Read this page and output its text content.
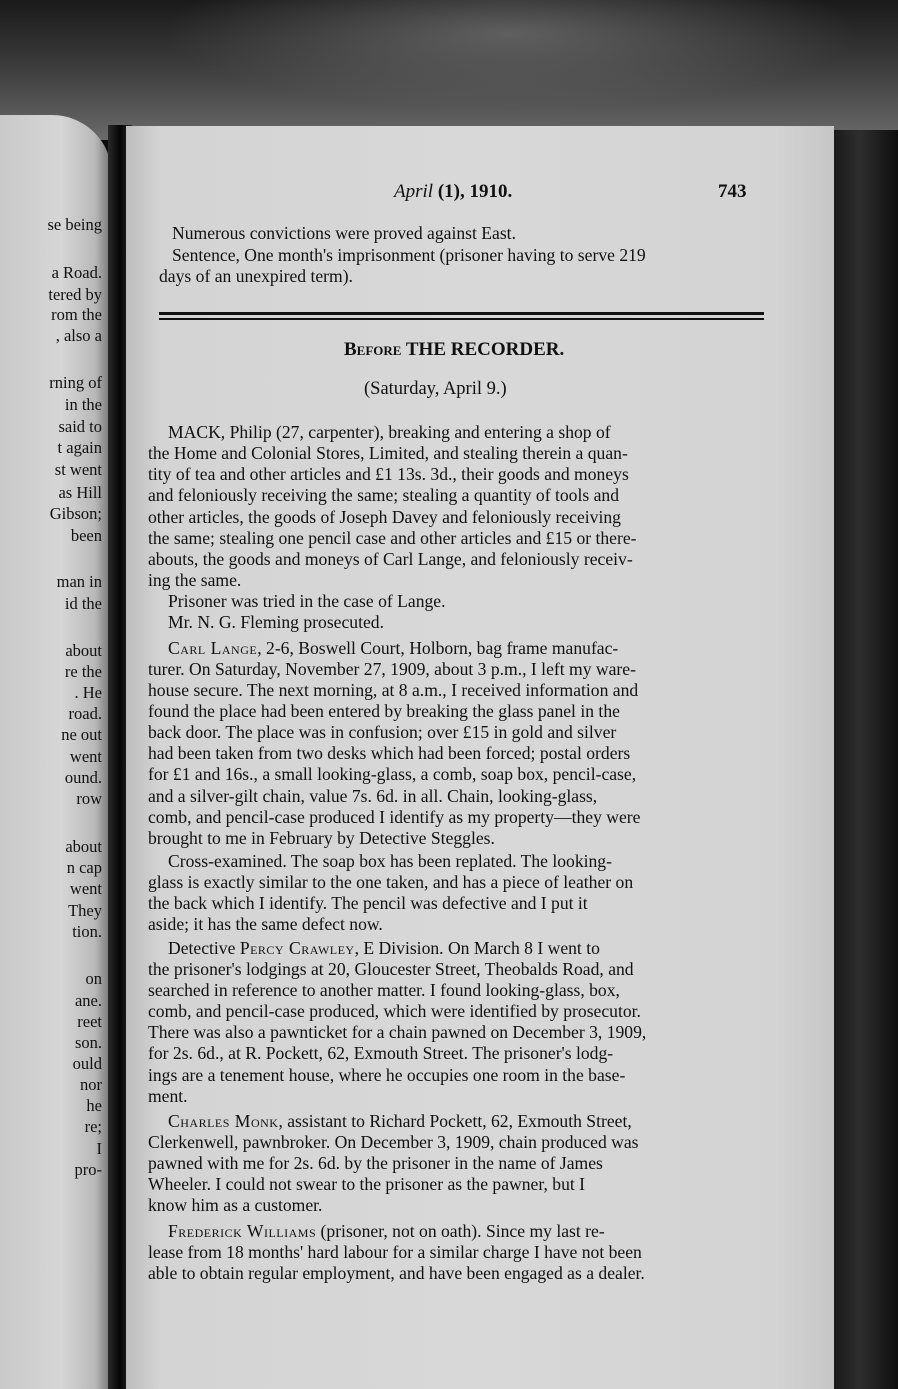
se being
a Road.
tered by
rom the
, also a
rning of
in the
said to
t again
st went
as Hill
Gibson;
been
man in
id the
about
re the
. He
road.
ne out
went
ound.
row
about
n cap
went
They
tion.
on
ane.
reet
son.
ould
nor
he
re;
I
pro-
April (1), 1910.	743
Numerous convictions were proved against East.
Sentence, One month's imprisonment (prisoner having to serve 219
days of an unexpired term).
Before THE RECORDER.
(Saturday, April 9.)
MACK, Philip (27, carpenter), breaking and entering a shop of
the Home and Colonial Stores, Limited, and stealing therein a quan-
tity of tea and other articles and £1 13s. 3d., their goods and moneys
and feloniously receiving the same; stealing a quantity of tools and
other articles, the goods of Joseph Davey and feloniously receiving
the same; stealing one pencil case and other articles and £15 or there-
abouts, the goods and moneys of Carl Lange, and feloniously receiv-
ing the same.
Prisoner was tried in the case of Lange.
Mr. N. G. Fleming prosecuted.
Carl Lange, 2-6, Boswell Court, Holborn, bag frame manufac-
turer. On Saturday, November 27, 1909, about 3 p.m., I left my ware-
house secure. The next morning, at 8 a.m., I received information and
found the place had been entered by breaking the glass panel in the
back door. The place was in confusion; over £15 in gold and silver
had been taken from two desks which had been forced; postal orders
for £1 and 16s., a small looking-glass, a comb, soap box, pencil-case,
and a silver-gilt chain, value 7s. 6d. in all. Chain, looking-glass,
comb, and pencil-case produced I identify as my property—they were
brought to me in February by Detective Steggles.
Cross-examined. The soap box has been replated. The looking-
glass is exactly similar to the one taken, and has a piece of leather on
the back which I identify. The pencil was defective and I put it
aside; it has the same defect now.
Detective Percy Crawley, E Division. On March 8 I went to
the prisoner's lodgings at 20, Gloucester Street, Theobalds Road, and
searched in reference to another matter. I found looking-glass, box,
comb, and pencil-case produced, which were identified by prosecutor.
There was also a pawnticket for a chain pawned on December 3, 1909,
for 2s. 6d., at R. Pockett, 62, Exmouth Street. The prisoner's lodg-
ings are a tenement house, where he occupies one room in the base-
ment.
Charles Monk, assistant to Richard Pockett, 62, Exmouth Street,
Clerkenwell, pawnbroker. On December 3, 1909, chain produced was
pawned with me for 2s. 6d. by the prisoner in the name of James
Wheeler. I could not swear to the prisoner as the pawner, but I
know him as a customer.
Frederick Williams (prisoner, not on oath). Since my last re-
lease from 18 months' hard labour for a similar charge I have not been
able to obtain regular employment, and have been engaged as a dealer.
